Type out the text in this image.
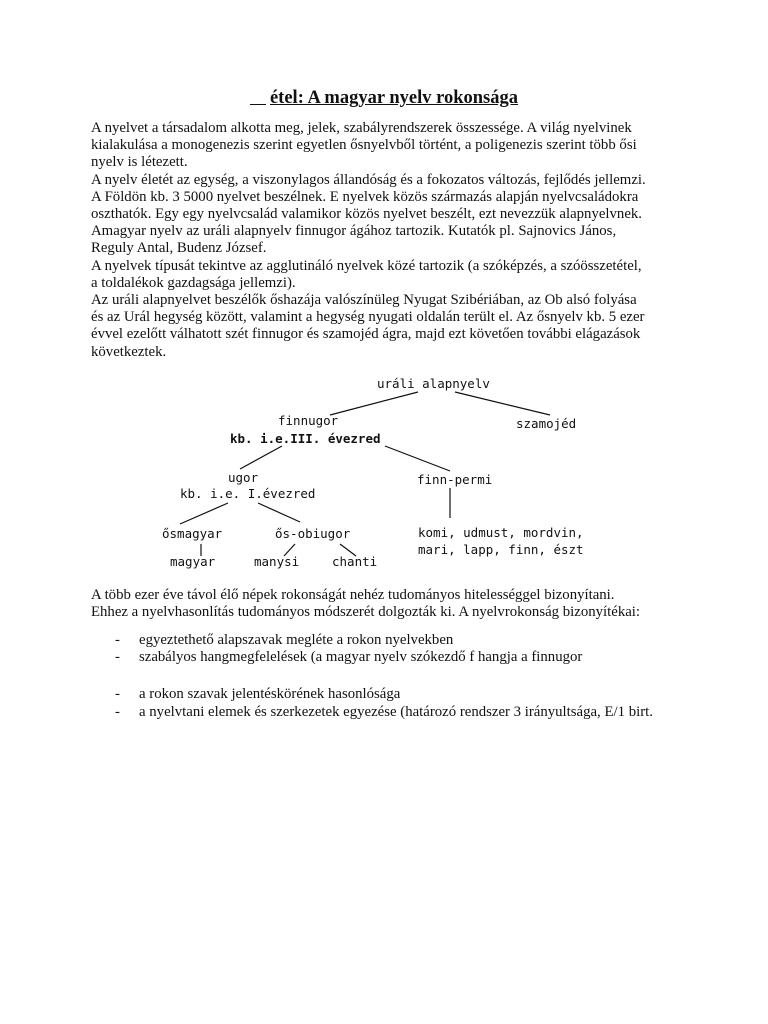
étel: A magyar nyelv rokonsága
A nyelvet a társadalom alkotta meg, jelek, szabályrendszerek összessége. A világ nyelvinek
kialakulása a monogenezis szerint egyetlen ősnyelvből történt, a poligenezis szerint több ősi
nyelv is létezett.
A nyelv életét az egység, a viszonylagos állandóság és a fokozatos változás, fejlődés jellemzi.
A Földön kb. 3 5000 nyelvet beszélnek. E nyelvek közös származás alapján nyelvcsaládokra
oszthatók. Egy egy nyelvcsalád valamikor közös nyelvet beszélt, ezt nevezzük alapnyelvnek.
Amagyar nyelv az uráli alapnyelv finnugor ágához tartozik. Kutatók pl. Sajnovics János,
Reguly Antal, Budenz József.
A nyelvek típusát tekintve az agglutináló nyelvek közé tartozik (a szóképzés, a szóösszetétel,
a toldalékok gazdagsága jellemzi).
Az uráli alapnyelvet beszélők őshazája valószínüleg Nyugat Szibériában, az Ob alsó folyása
és az Urál hegység között, valamint a hegység nyugati oldalán terült el. Az ősnyelv kb. 5 ezer
évvel ezelőtt válhatott szét finnugor és szamojéd ágra, majd ezt követően további elágazások
következtek.
uráli alapnyelv
finnugor
kb. i.e.III. évezred
szamojéd
ugor
kb. i.e. I.évezred
finn-permi
ősmagyar	ős-obiugor
magyar	manysi	chanti
komi, udmust, mordvin,
mari, lapp, finn, észt
A több ezer éve távol élő népek rokonságát nehéz tudományos hitelességgel bizonyítani.
Ehhez a nyelvhasonlítás tudományos módszerét dolgozták ki. A nyelvrokonság bizonyítékai:
- egyeztethető alapszavak megléte a rokon nyelvekben
- szabályos hangmegfelelések (a magyar nyelv szókezdő f hangja a finnugor
- a rokon szavak jelentéskörének hasonlósága
- a nyelvtani elemek és szerkezetek egyezése (határozó rendszer 3 irányultsága, E/1 birt.
